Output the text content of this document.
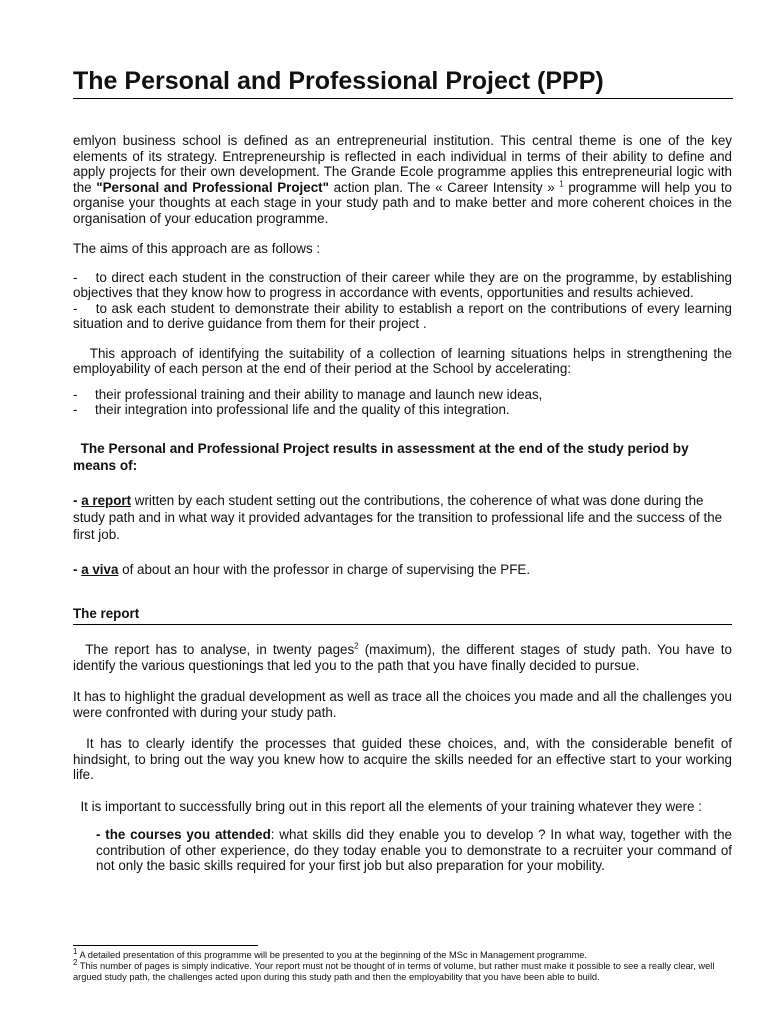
The Personal and Professional Project (PPP)

emlyon business school is defined as an entrepreneurial institution. This central theme is one of the key elements of its strategy. Entrepreneurship is reflected in each individual in terms of their ability to define and apply projects for their own development. The Grande Ecole programme applies this entrepreneurial logic with the "Personal and Professional Project" action plan. The « Career Intensity » $^1$ programme will help you to organise your thoughts at each stage in your study path and to make better and more coherent choices in the organisation of your education programme.

The aims of this approach are as follows :

- to direct each student in the construction of their career while they are on the programme, by establishing objectives that they know how to progress in accordance with events, opportunities and results achieved.

- to ask each student to demonstrate their ability to establish a report on the contributions of every learning situation and to derive guidance from them for their project .

This approach of identifying the suitability of a collection of learning situations helps in strengthening the employability of each person at the end of their period at the School by accelerating:

- their professional training and their ability to manage and launch new ideas,

- their integration into professional life and the quality of this integration.

The Personal and Professional Project results in assessment at the end of the study period by means of:

- a report written by each student setting out the contributions, the coherence of what was done during the study path and in what way it provided advantages for the transition to professional life and the success of the first job.

- a viva of about an hour with the professor in charge of supervising the PFE.

The report

The report has to analyse, in twenty pages$^2$ (maximum), the different stages of study path. You have to identify the various questionings that led you to the path that you have finally decided to pursue.

It has to highlight the gradual development as well as trace all the choices you made and all the challenges you were confronted with during your study path.

It has to clearly identify the processes that guided these choices, and, with the considerable benefit of hindsight, to bring out the way you knew how to acquire the skills needed for an effective start to your working life.

It is important to successfully bring out in this report all the elements of your training whatever they were :

- the courses you attended: what skills did they enable you to develop ? In what way, together with the contribution of other experience, do they today enable you to demonstrate to a recruiter your command of not only the basic skills required for your first job but also preparation for your mobility.

$^1$ A detailed presentation of this programme will be presented to you at the beginning of the MSc in Management programme.

$^2$ This number of pages is simply indicative. Your report must not be thought of in terms of volume, but rather must make it possible to see a really clear, well argued study path, the challenges acted upon during this study path and then the employability that you have been able to build.
